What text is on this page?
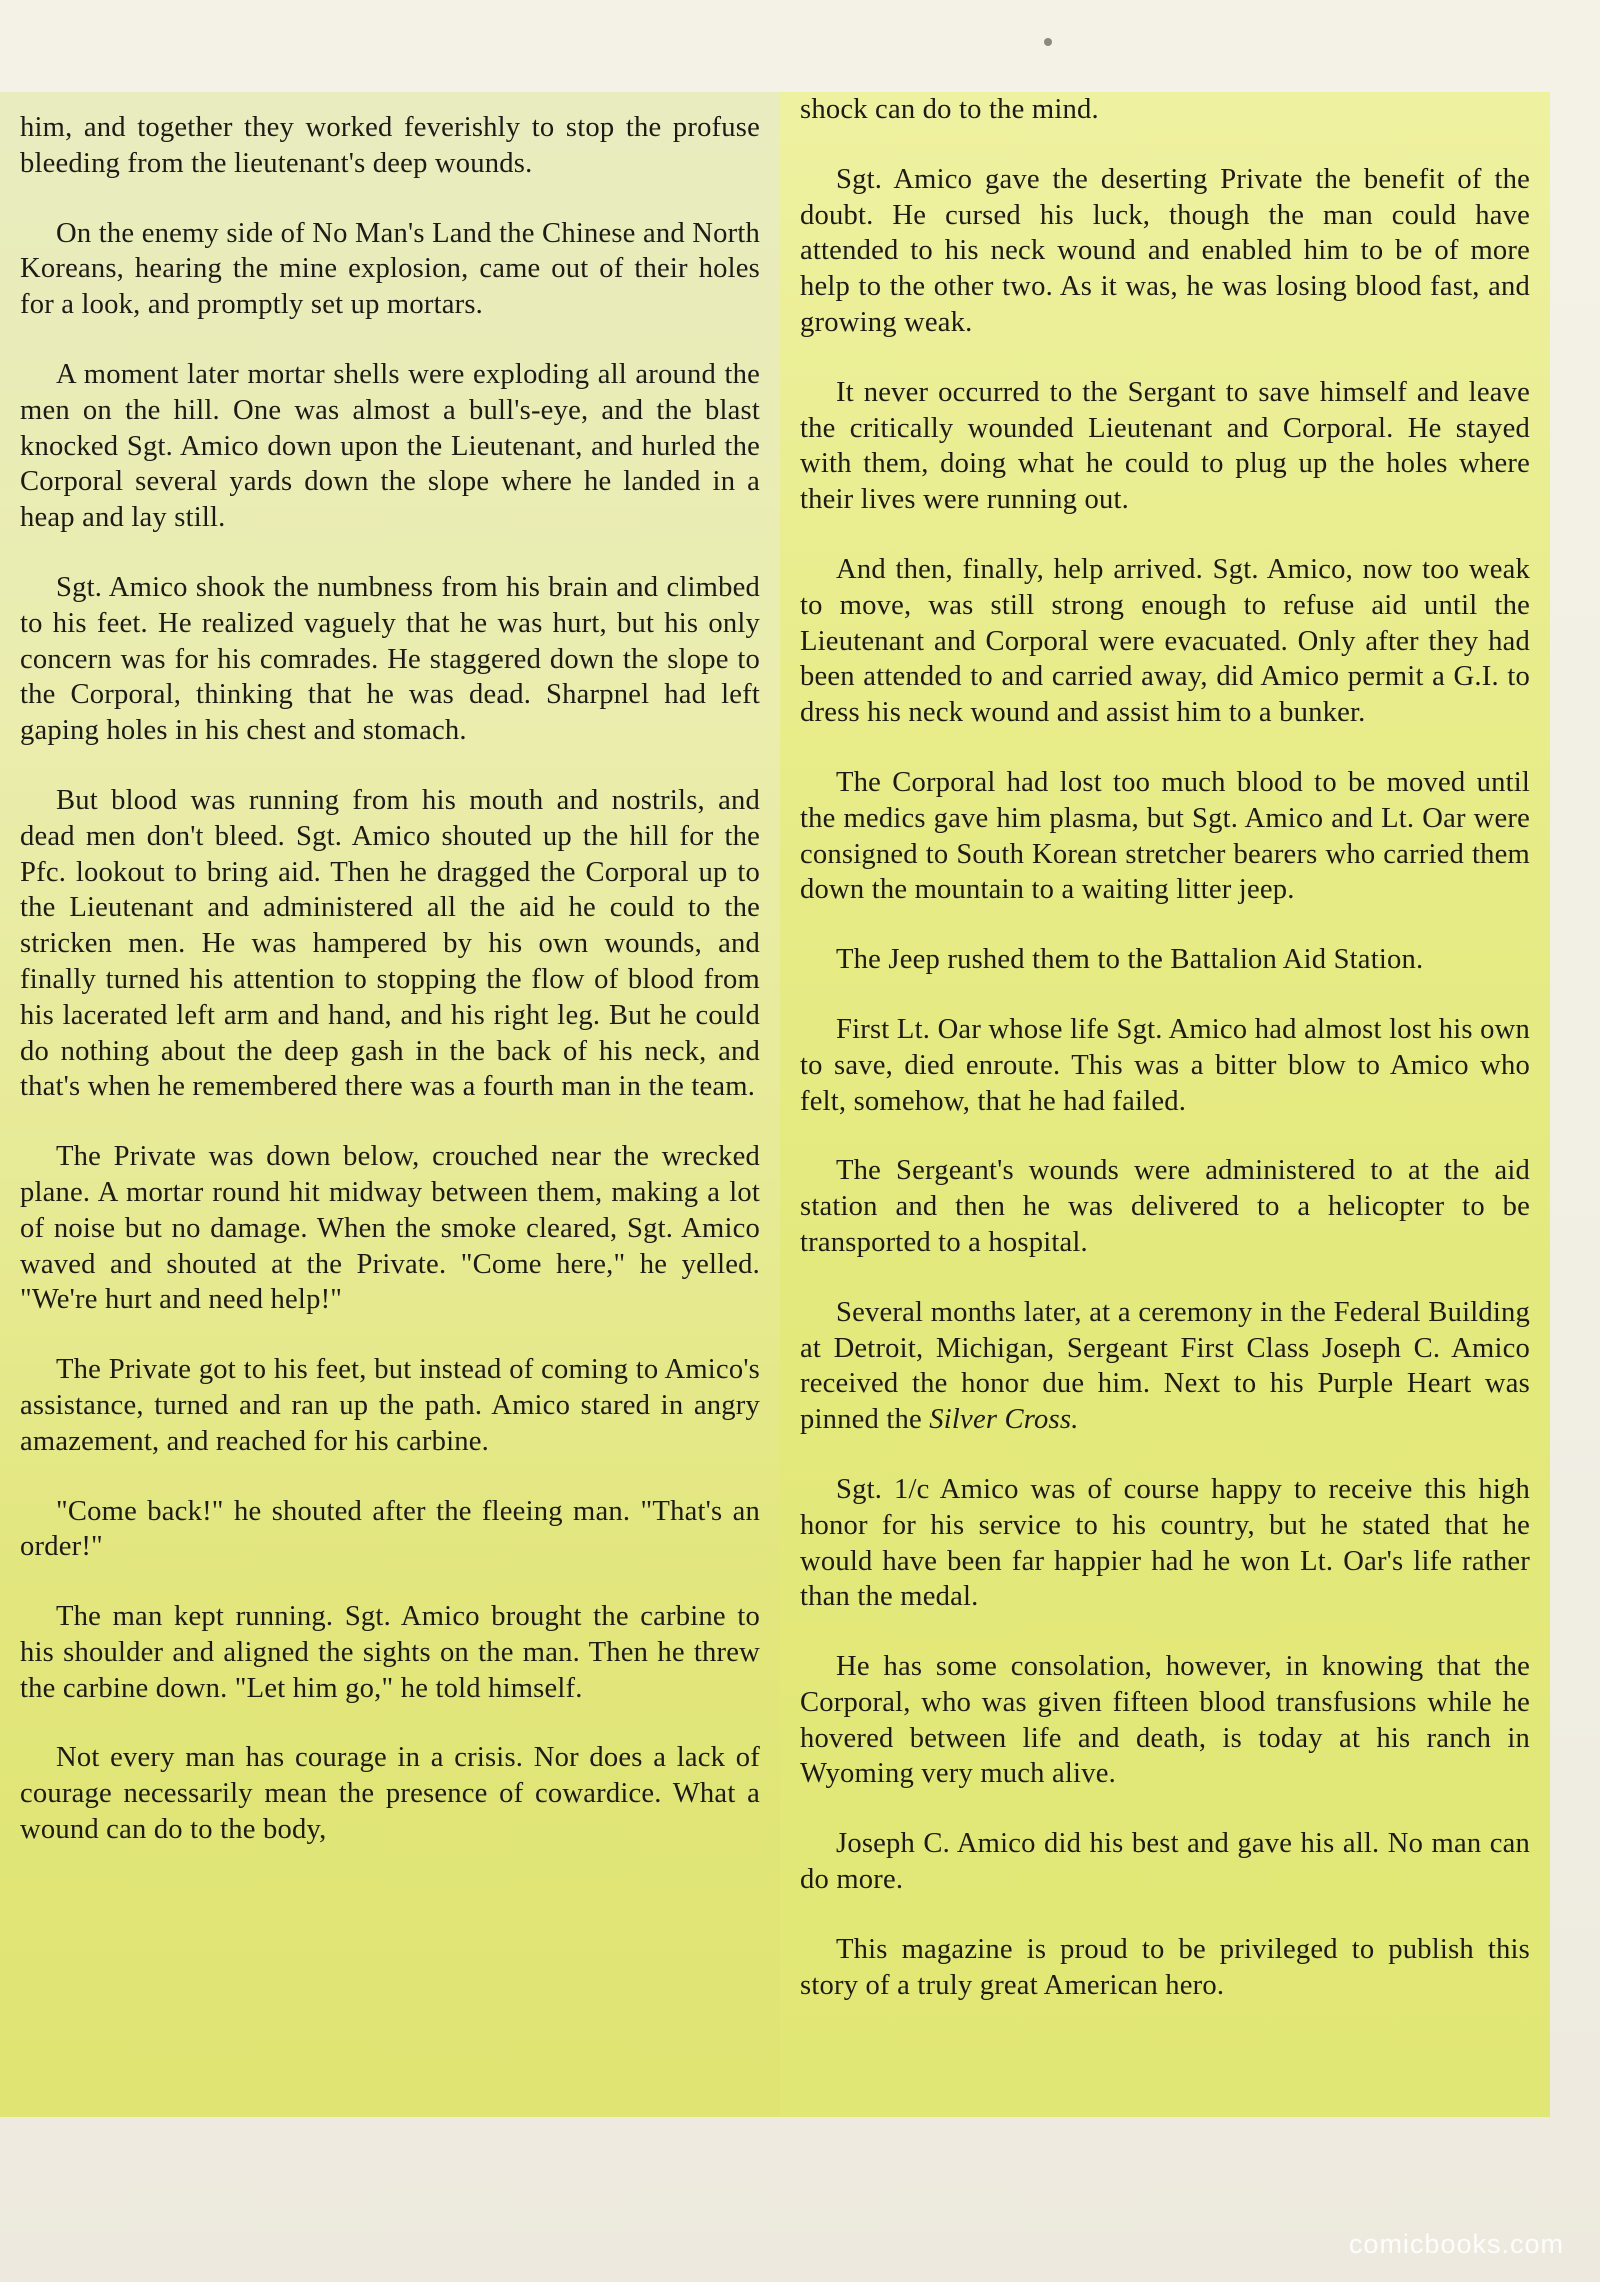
him, and together they worked feverishly to stop the profuse bleeding from the lieutenant's deep wounds.

On the enemy side of No Man's Land the Chinese and North Koreans, hearing the mine explosion, came out of their holes for a look, and promptly set up mortars.

A moment later mortar shells were exploding all around the men on the hill. One was almost a bull's-eye, and the blast knocked Sgt. Amico down upon the Lieutenant, and hurled the Corporal several yards down the slope where he landed in a heap and lay still.

Sgt. Amico shook the numbness from his brain and climbed to his feet. He realized vaguely that he was hurt, but his only concern was for his comrades. He staggered down the slope to the Corporal, thinking that he was dead. Sharpnel had left gaping holes in his chest and stomach.

But blood was running from his mouth and nostrils, and dead men don't bleed. Sgt. Amico shouted up the hill for the Pfc. lookout to bring aid. Then he dragged the Corporal up to the Lieutenant and administered all the aid he could to the stricken men. He was hampered by his own wounds, and finally turned his attention to stopping the flow of blood from his lacerated left arm and hand, and his right leg. But he could do nothing about the deep gash in the back of his neck, and that's when he remembered there was a fourth man in the team.

The Private was down below, crouched near the wrecked plane. A mortar round hit midway between them, making a lot of noise but no damage. When the smoke cleared, Sgt. Amico waved and shouted at the Private. "Come here," he yelled. "We're hurt and need help!"

The Private got to his feet, but instead of coming to Amico's assistance, turned and ran up the path. Amico stared in angry amazement, and reached for his carbine.

"Come back!" he shouted after the fleeing man. "That's an order!"

The man kept running. Sgt. Amico brought the carbine to his shoulder and aligned the sights on the man. Then he threw the carbine down. "Let him go," he told himself.

Not every man has courage in a crisis. Nor does a lack of courage necessarily mean the presence of cowardice. What a wound can do to the body,

shock can do to the mind.

Sgt. Amico gave the deserting Private the benefit of the doubt. He cursed his luck, though the man could have attended to his neck wound and enabled him to be of more help to the other two. As it was, he was losing blood fast, and growing weak.

It never occurred to the Sergant to save himself and leave the critically wounded Lieutenant and Corporal. He stayed with them, doing what he could to plug up the holes where their lives were running out.

And then, finally, help arrived. Sgt. Amico, now too weak to move, was still strong enough to refuse aid until the Lieutenant and Corporal were evacuated. Only after they had been attended to and carried away, did Amico permit a G.I. to dress his neck wound and assist him to a bunker.

The Corporal had lost too much blood to be moved until the medics gave him plasma, but Sgt. Amico and Lt. Oar were consigned to South Korean stretcher bearers who carried them down the mountain to a waiting litter jeep.

The Jeep rushed them to the Battalion Aid Station.

First Lt. Oar whose life Sgt. Amico had almost lost his own to save, died enroute. This was a bitter blow to Amico who felt, somehow, that he had failed.

The Sergeant's wounds were administered to at the aid station and then he was delivered to a helicopter to be transported to a hospital.

Several months later, at a ceremony in the Federal Building at Detroit, Michigan, Sergeant First Class Joseph C. Amico received the honor due him. Next to his Purple Heart was pinned the Silver Cross.

Sgt. 1/c Amico was of course happy to receive this high honor for his service to his country, but he stated that he would have been far happier had he won Lt. Oar's life rather than the medal.

He has some consolation, however, in knowing that the Corporal, who was given fifteen blood transfusions while he hovered between life and death, is today at his ranch in Wyoming very much alive.

Joseph C. Amico did his best and gave his all. No man can do more.

This magazine is proud to be privileged to publish this story of a truly great American hero.

comicbooks.com
